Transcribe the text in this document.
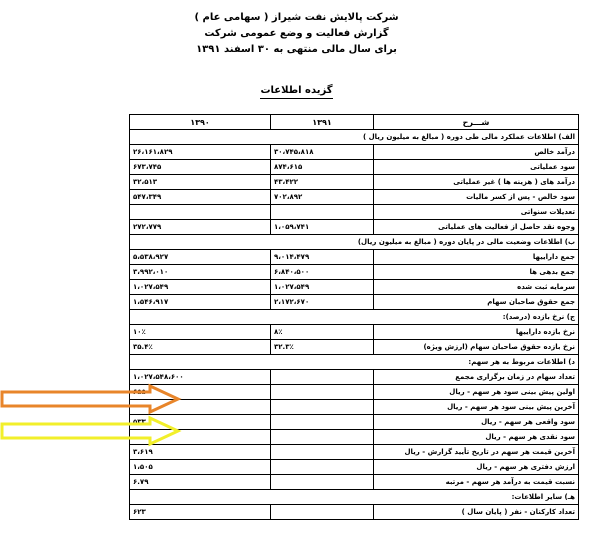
شرکت پالایش نفت شیراز ( سهامی عام )
گزارش فعالیت و وضع عمومی شرکت
برای سال مالی منتهی به ۳۰ اسفند ۱۳۹۱
گزیده اطلاعات
شـــرح	۱۳۹۱	۱۳۹۰
الف) اطلاعات عملکرد مالی طی دوره ( مبالغ به میلیون ریال )		
درآمد خالص	۳۰،۷۴۵،۸۱۸	۲۶،۱۶۱،۸۲۹
سود عملیاتی	۸۷۴،۶۱۵	۶۷۳،۷۴۵
درآمد های ( هزینه ها ) غیر عملیاتی	۴۳،۴۲۲	۳۲،۵۱۳
سود خالص - پس از کسر مالیات	۷۰۲،۸۹۲	۵۴۷،۳۴۹
تعدیلات سنواتی		
وجوه نقد حاصل از فعالیت های عملیاتی	۱،۰۵۹،۷۴۱	۲۷۲،۷۷۹
ب) اطلاعات وضعیت مالی در پایان دوره ( مبالغ به میلیون ریال)		
جمع داراییها	۹،۰۱۴،۴۷۹	۵،۵۳۸،۹۲۷
جمع بدهی ها	۶،۸۴۰،۵۰۰	۳،۹۹۲،۰۱۰
سرمایه ثبت شده	۱،۰۲۷،۵۴۹	۱،۰۲۷،۵۴۹
جمع حقوق صاحبان سهام	۲،۱۷۲،۶۷۰	۱،۵۴۶،۹۱۷
ج) نرخ بازده (درصد):		
نرخ بازده داراییها	۸٪	۱۰٪
نرخ بازده حقوق صاحبان سهام (ارزش ویژه)	۳۲.۳٪	۳۵.۴٪
د) اطلاعات مربوط به هر سهم:		
تعداد سهام در زمان برگزاری مجمع		۱،۰۲۷،۵۴۸،۶۰۰
اولین پیش بینی سود هر سهم - ریال		۶۵۵
آخرین پیش بینی سود هر سهم - ریال		
سود واقعی هر سهم - ریال		۵۳۳
سود نقدی هر سهم - ریال		
آخرین قیمت هر سهم در تاریخ تأیید گزارش - ریال		۳،۶۱۹
ارزش دفتری هر سهم - ریال		۱،۵۰۵
نسبت قیمت به درآمد هر سهم - مرتبه		۶.۷۹
هـ) سایر اطلاعات:		
تعداد کارکنان - نفر ( پایان سال )		۶۲۳
